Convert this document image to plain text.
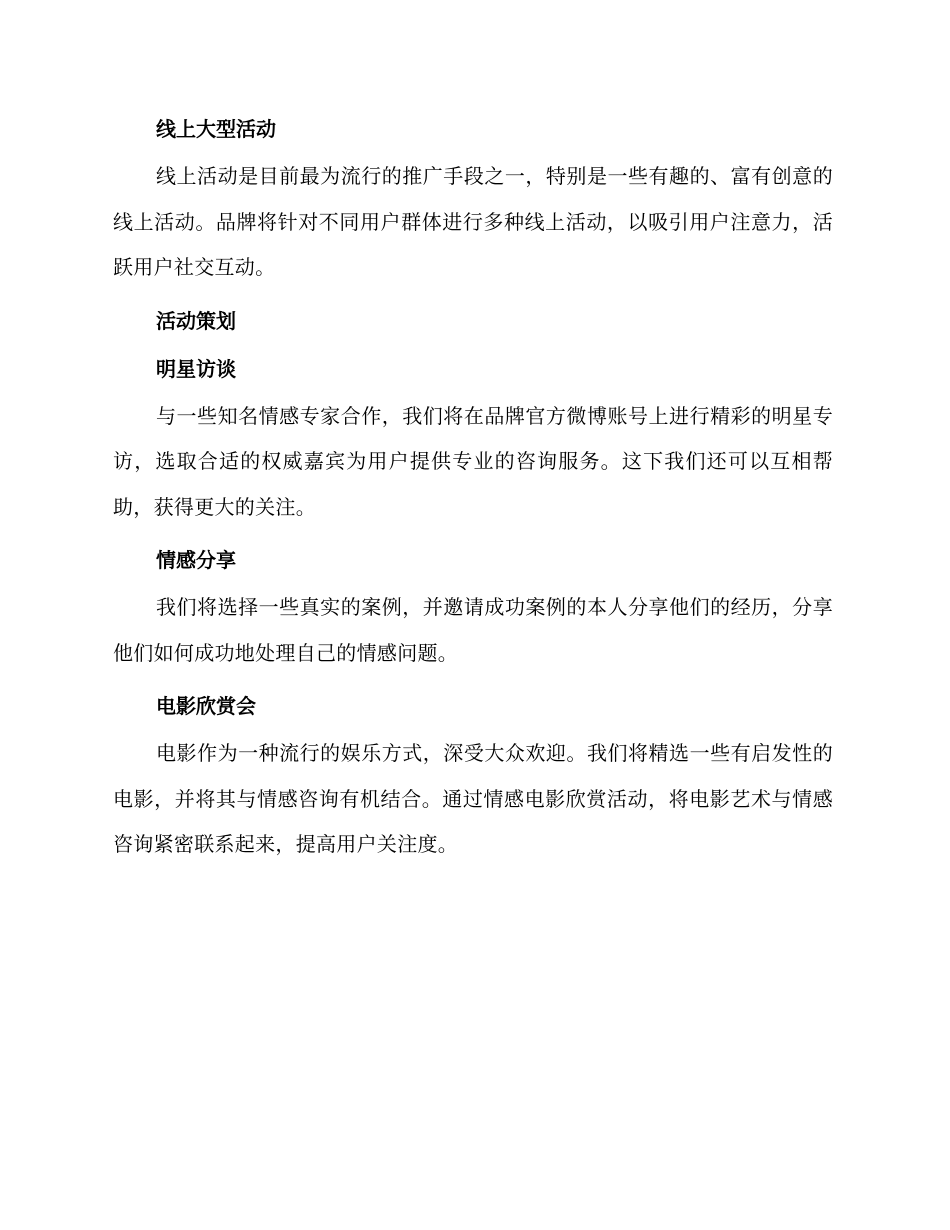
线上大型活动
线上活动是目前最为流行的推广手段之一，特别是一些有趣的、富有创意的线上活动。品牌将针对不同用户群体进行多种线上活动，以吸引用户注意力，活跃用户社交互动。
活动策划
明星访谈
与一些知名情感专家合作，我们将在品牌官方微博账号上进行精彩的明星专访，选取合适的权威嘉宾为用户提供专业的咨询服务。这下我们还可以互相帮助，获得更大的关注。
情感分享
我们将选择一些真实的案例，并邀请成功案例的本人分享他们的经历，分享他们如何成功地处理自己的情感问题。
电影欣赏会
电影作为一种流行的娱乐方式，深受大众欢迎。我们将精选一些有启发性的电影，并将其与情感咨询有机结合。通过情感电影欣赏活动，将电影艺术与情感咨询紧密联系起来，提高用户关注度。
